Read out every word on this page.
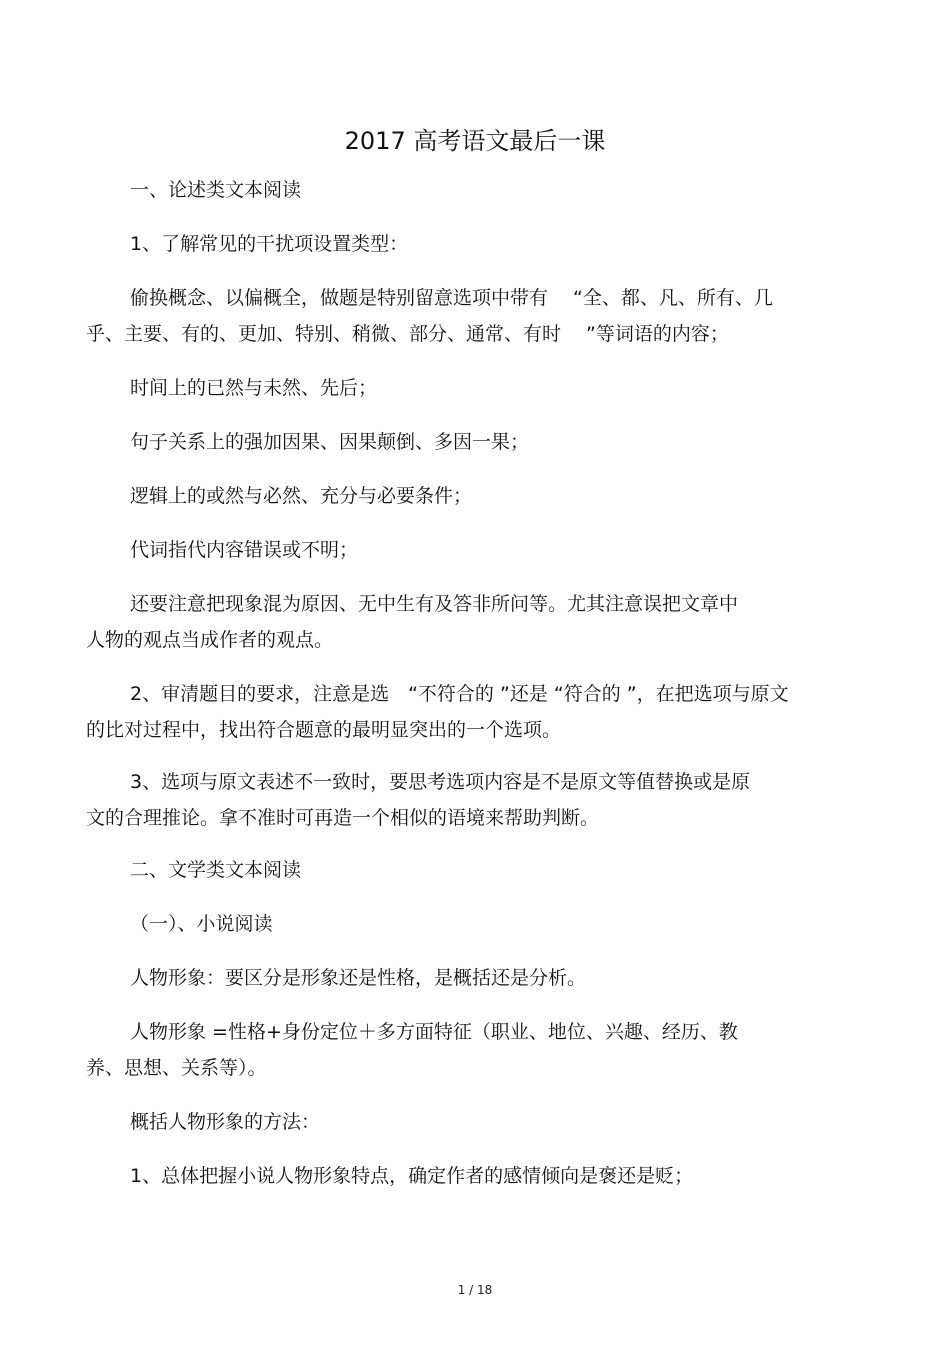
2017 高考语文最后一课
一、论述类文本阅读
1、了解常见的干扰项设置类型：
偷换概念、以偏概全，做题是特别留意选项中带有　 “全、都、凡、所有、几
乎、主要、有的、更加、特别、稍微、部分、通常、有时　 ”等词语的内容；
时间上的已然与未然、先后；
句子关系上的强加因果、因果颠倒、多因一果；
逻辑上的或然与必然、充分与必要条件；
代词指代内容错误或不明；
还要注意把现象混为原因、无中生有及答非所问等。尤其注意误把文章中
人物的观点当成作者的观点。
2、审清题目的要求，注意是选　“不符合的 ”还是 “符合的 ”，在把选项与原文
的比对过程中，找出符合题意的最明显突出的一个选项。
3、选项与原文表述不一致时，要思考选项内容是不是原文等值替换或是原
文的合理推论。拿不准时可再造一个相似的语境来帮助判断。
二、文学类文本阅读
（一）、小说阅读
人物形象：要区分是形象还是性格，是概括还是分析。
人物形象 =性格+身份定位＋多方面特征（职业、地位、兴趣、经历、教
养、思想、关系等）。
概括人物形象的方法：
1、总体把握小说人物形象特点，确定作者的感情倾向是褒还是贬；
1 / 18
